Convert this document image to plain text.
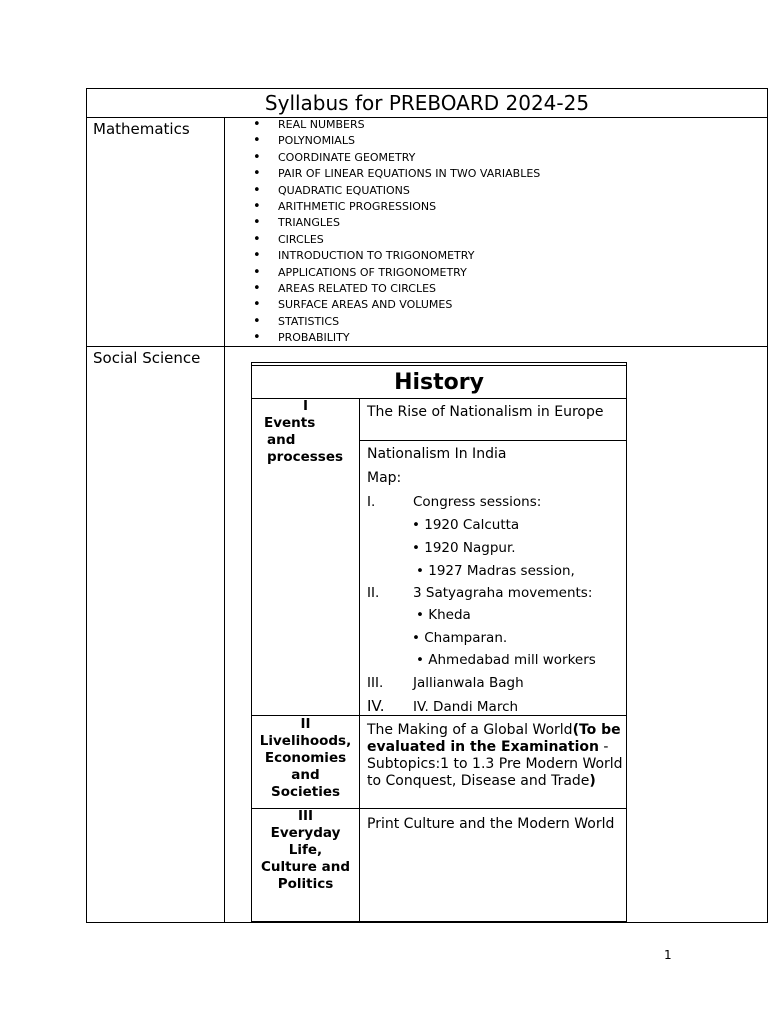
Syllabus for PREBOARD 2024-25
Mathematics
•	REAL NUMBERS
• POLYNOMIALS
• COORDINATE GEOMETRY
• PAIR OF LINEAR EQUATIONS IN TWO VARIABLES
• QUADRATIC EQUATIONS
• ARITHMETIC PROGRESSIONS
• TRIANGLES
• CIRCLES
• INTRODUCTION TO TRIGONOMETRY
• APPLICATIONS OF TRIGONOMETRY
• AREAS RELATED TO CIRCLES
• SURFACE AREAS AND VOLUMES
• STATISTICS
• PROBABILITY
Social Science
History
I
Events
and
processes
The Rise of Nationalism in Europe
Nationalism In India
Map:
I.	Congress sessions:
• 1920 Calcutta
• 1920 Nagpur.
• 1927 Madras session,
II. 3 Satyagraha movements:
• Kheda
• Champaran.
• Ahmedabad mill workers
III. Jallianwala Bagh
IV. IV. Dandi March
II
Livelihoods,
Economies
and
Societies
The Making of a Global World(To be evaluated in the Examination -Subtopics:1 to 1.3 Pre Modern World to Conquest, Disease and Trade)
III
Everyday
Life,
Culture and
Politics
Print Culture and the Modern World
1
